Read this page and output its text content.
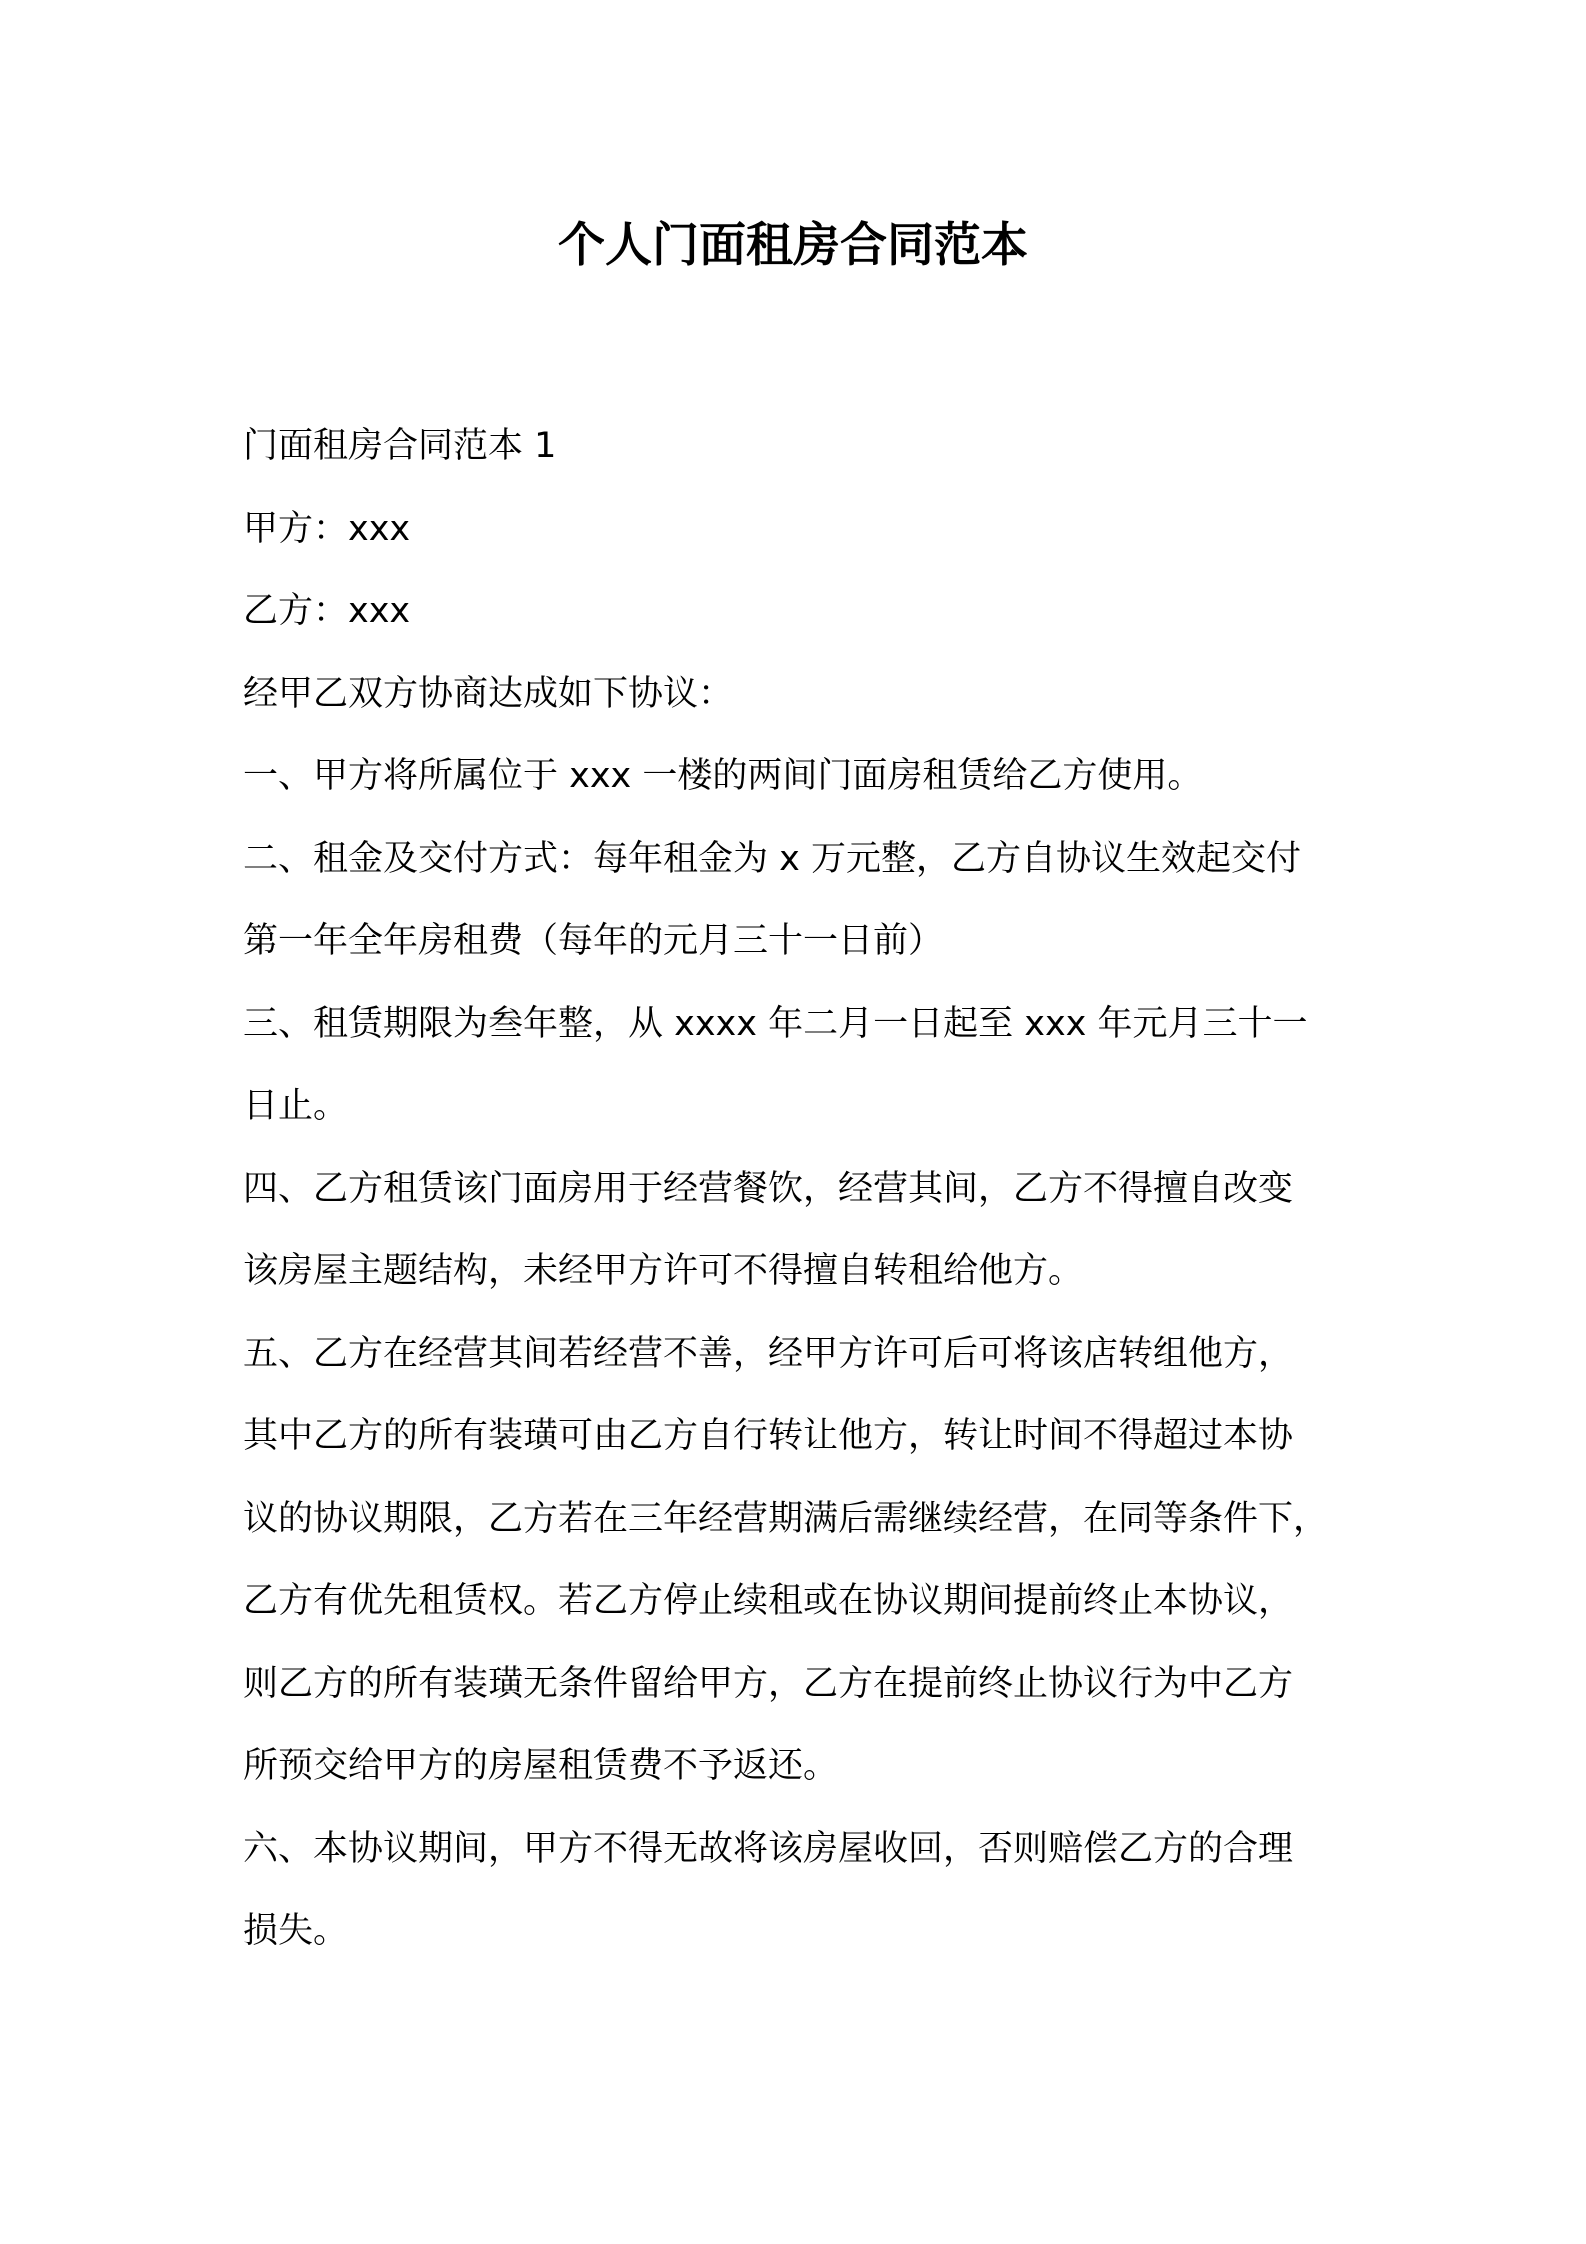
个人门面租房合同范本
门面租房合同范本 1
甲方：xxx
乙方：xxx
经甲乙双方协商达成如下协议：
一、甲方将所属位于 xxx 一楼的两间门面房租赁给乙方使用。
二、租金及交付方式：每年租金为 x 万元整，乙方自协议生效起交付
第一年全年房租费（每年的元月三十一日前）
三、租赁期限为叁年整，从 xxxx 年二月一日起至 xxx 年元月三十一
日止。
四、乙方租赁该门面房用于经营餐饮，经营其间，乙方不得擅自改变
该房屋主题结构，未经甲方许可不得擅自转租给他方。
五、乙方在经营其间若经营不善，经甲方许可后可将该店转组他方，
其中乙方的所有装璜可由乙方自行转让他方，转让时间不得超过本协
议的协议期限，乙方若在三年经营期满后需继续经营，在同等条件下，
乙方有优先租赁权。若乙方停止续租或在协议期间提前终止本协议，
则乙方的所有装璜无条件留给甲方，乙方在提前终止协议行为中乙方
所预交给甲方的房屋租赁费不予返还。
六、本协议期间，甲方不得无故将该房屋收回，否则赔偿乙方的合理
损失。
